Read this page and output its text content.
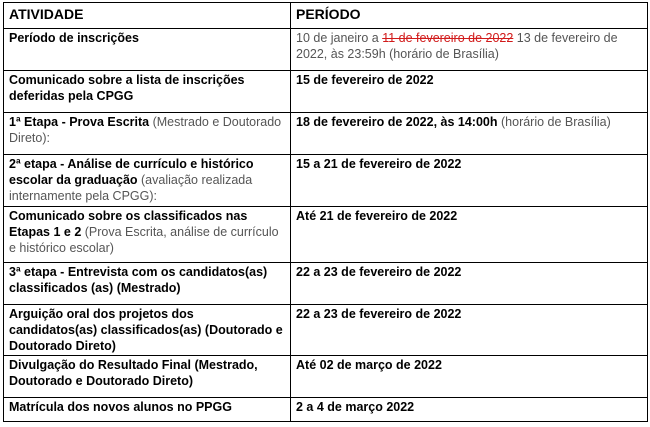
ATIVIDADE	PERÍODO
Período de inscrições	10 de janeiro a 11 de fevereiro de 2022 13 de fevereiro de 2022, às 23:59h (horário de Brasília)
Comunicado sobre a lista de inscrições deferidas pela CPGG	15 de fevereiro de 2022
1ª Etapa - Prova Escrita (Mestrado e Doutorado Direto):	18 de fevereiro de 2022, às 14:00h (horário de Brasília)
2ª etapa - Análise de currículo e histórico escolar da graduação (avaliação realizada internamente pela CPGG):	15 a 21 de fevereiro de 2022
Comunicado sobre os classificados nas Etapas 1 e 2 (Prova Escrita, análise de currículo e histórico escolar)	Até 21 de fevereiro de 2022
3ª etapa - Entrevista com os candidatos(as) classificados (as) (Mestrado)	22 a 23 de fevereiro de 2022
Arguição oral dos projetos dos candidatos(as) classificados(as) (Doutorado e Doutorado Direto)	22 a 23 de fevereiro de 2022
Divulgação do Resultado Final (Mestrado, Doutorado e Doutorado Direto)	Até 02 de março de 2022
Matrícula dos novos alunos no PPGG	2 a 4 de março 2022
